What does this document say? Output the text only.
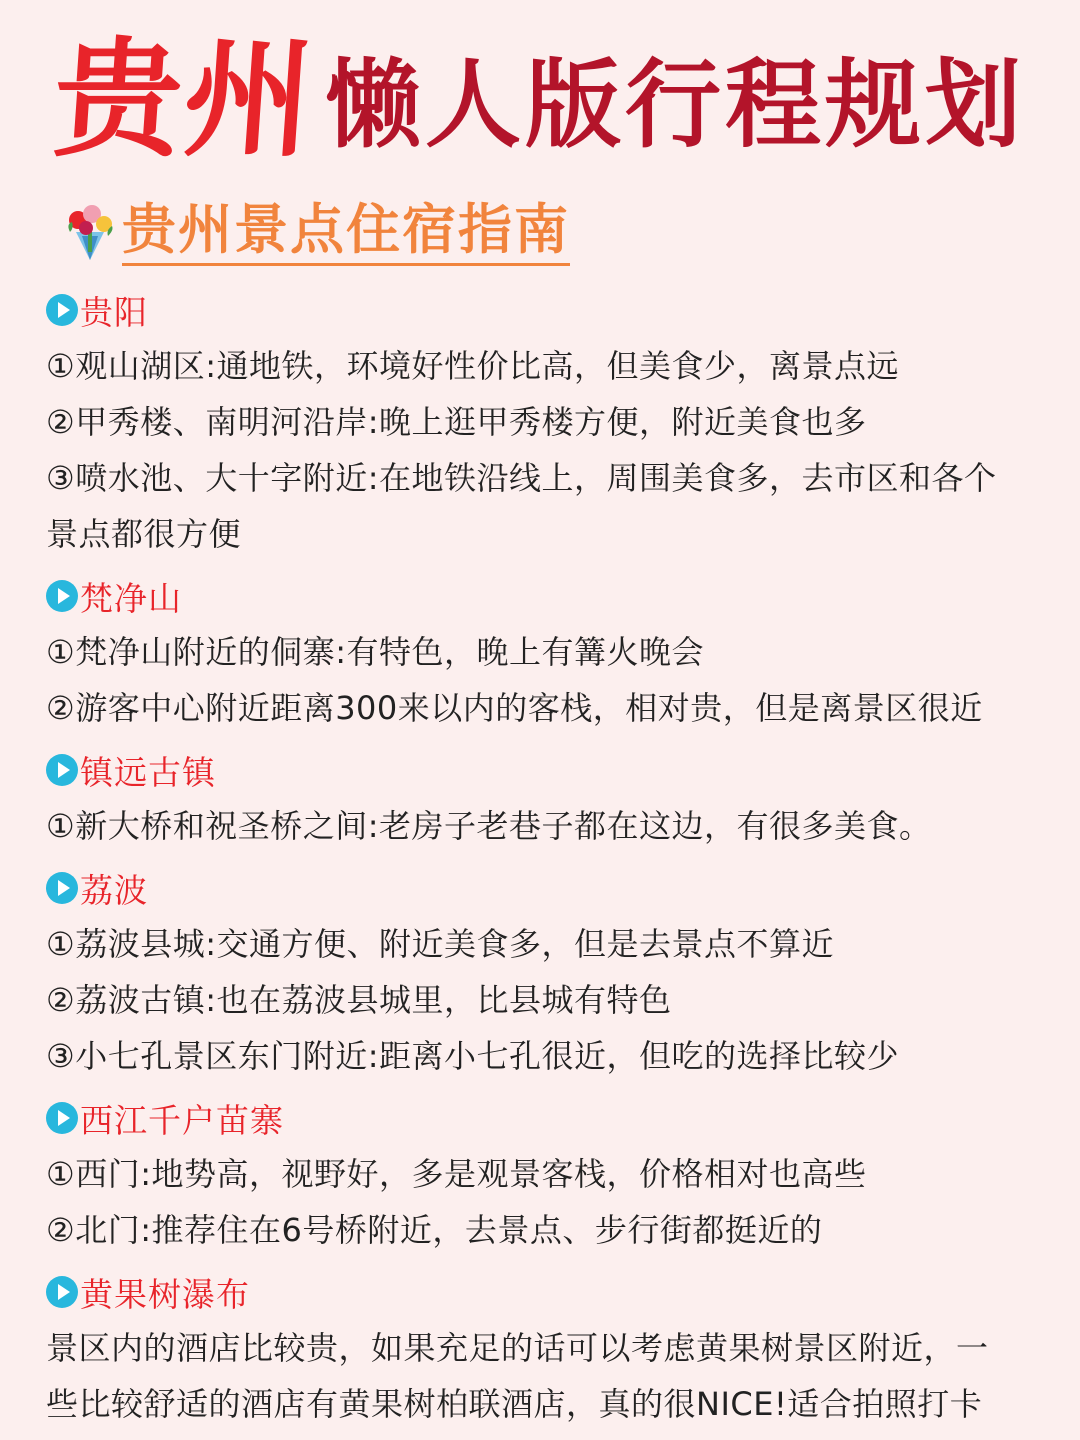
贵州 懒人版行程规划
贵州景点住宿指南
贵阳
①观山湖区:通地铁，环境好性价比高，但美食少，离景点远
②甲秀楼、南明河沿岸:晚上逛甲秀楼方便，附近美食也多
③喷水池、大十字附近:在地铁沿线上，周围美食多，去市区和各个
景点都很方便
梵净山
①梵净山附近的侗寨:有特色，晚上有篝火晚会
②游客中心附近距离300来以内的客栈，相对贵，但是离景区很近
镇远古镇
①新大桥和祝圣桥之间:老房子老巷子都在这边，有很多美食。
荔波
①荔波县城:交通方便、附近美食多，但是去景点不算近
②荔波古镇:也在荔波县城里，比县城有特色
③小七孔景区东门附近:距离小七孔很近，但吃的选择比较少
西江千户苗寨
①西门:地势高，视野好，多是观景客栈，价格相对也高些
②北门:推荐住在6号桥附近，去景点、步行街都挺近的
黄果树瀑布
景区内的酒店比较贵，如果充足的话可以考虑黄果树景区附近，一
些比较舒适的酒店有黄果树柏联酒店，真的很NICE!适合拍照打卡
